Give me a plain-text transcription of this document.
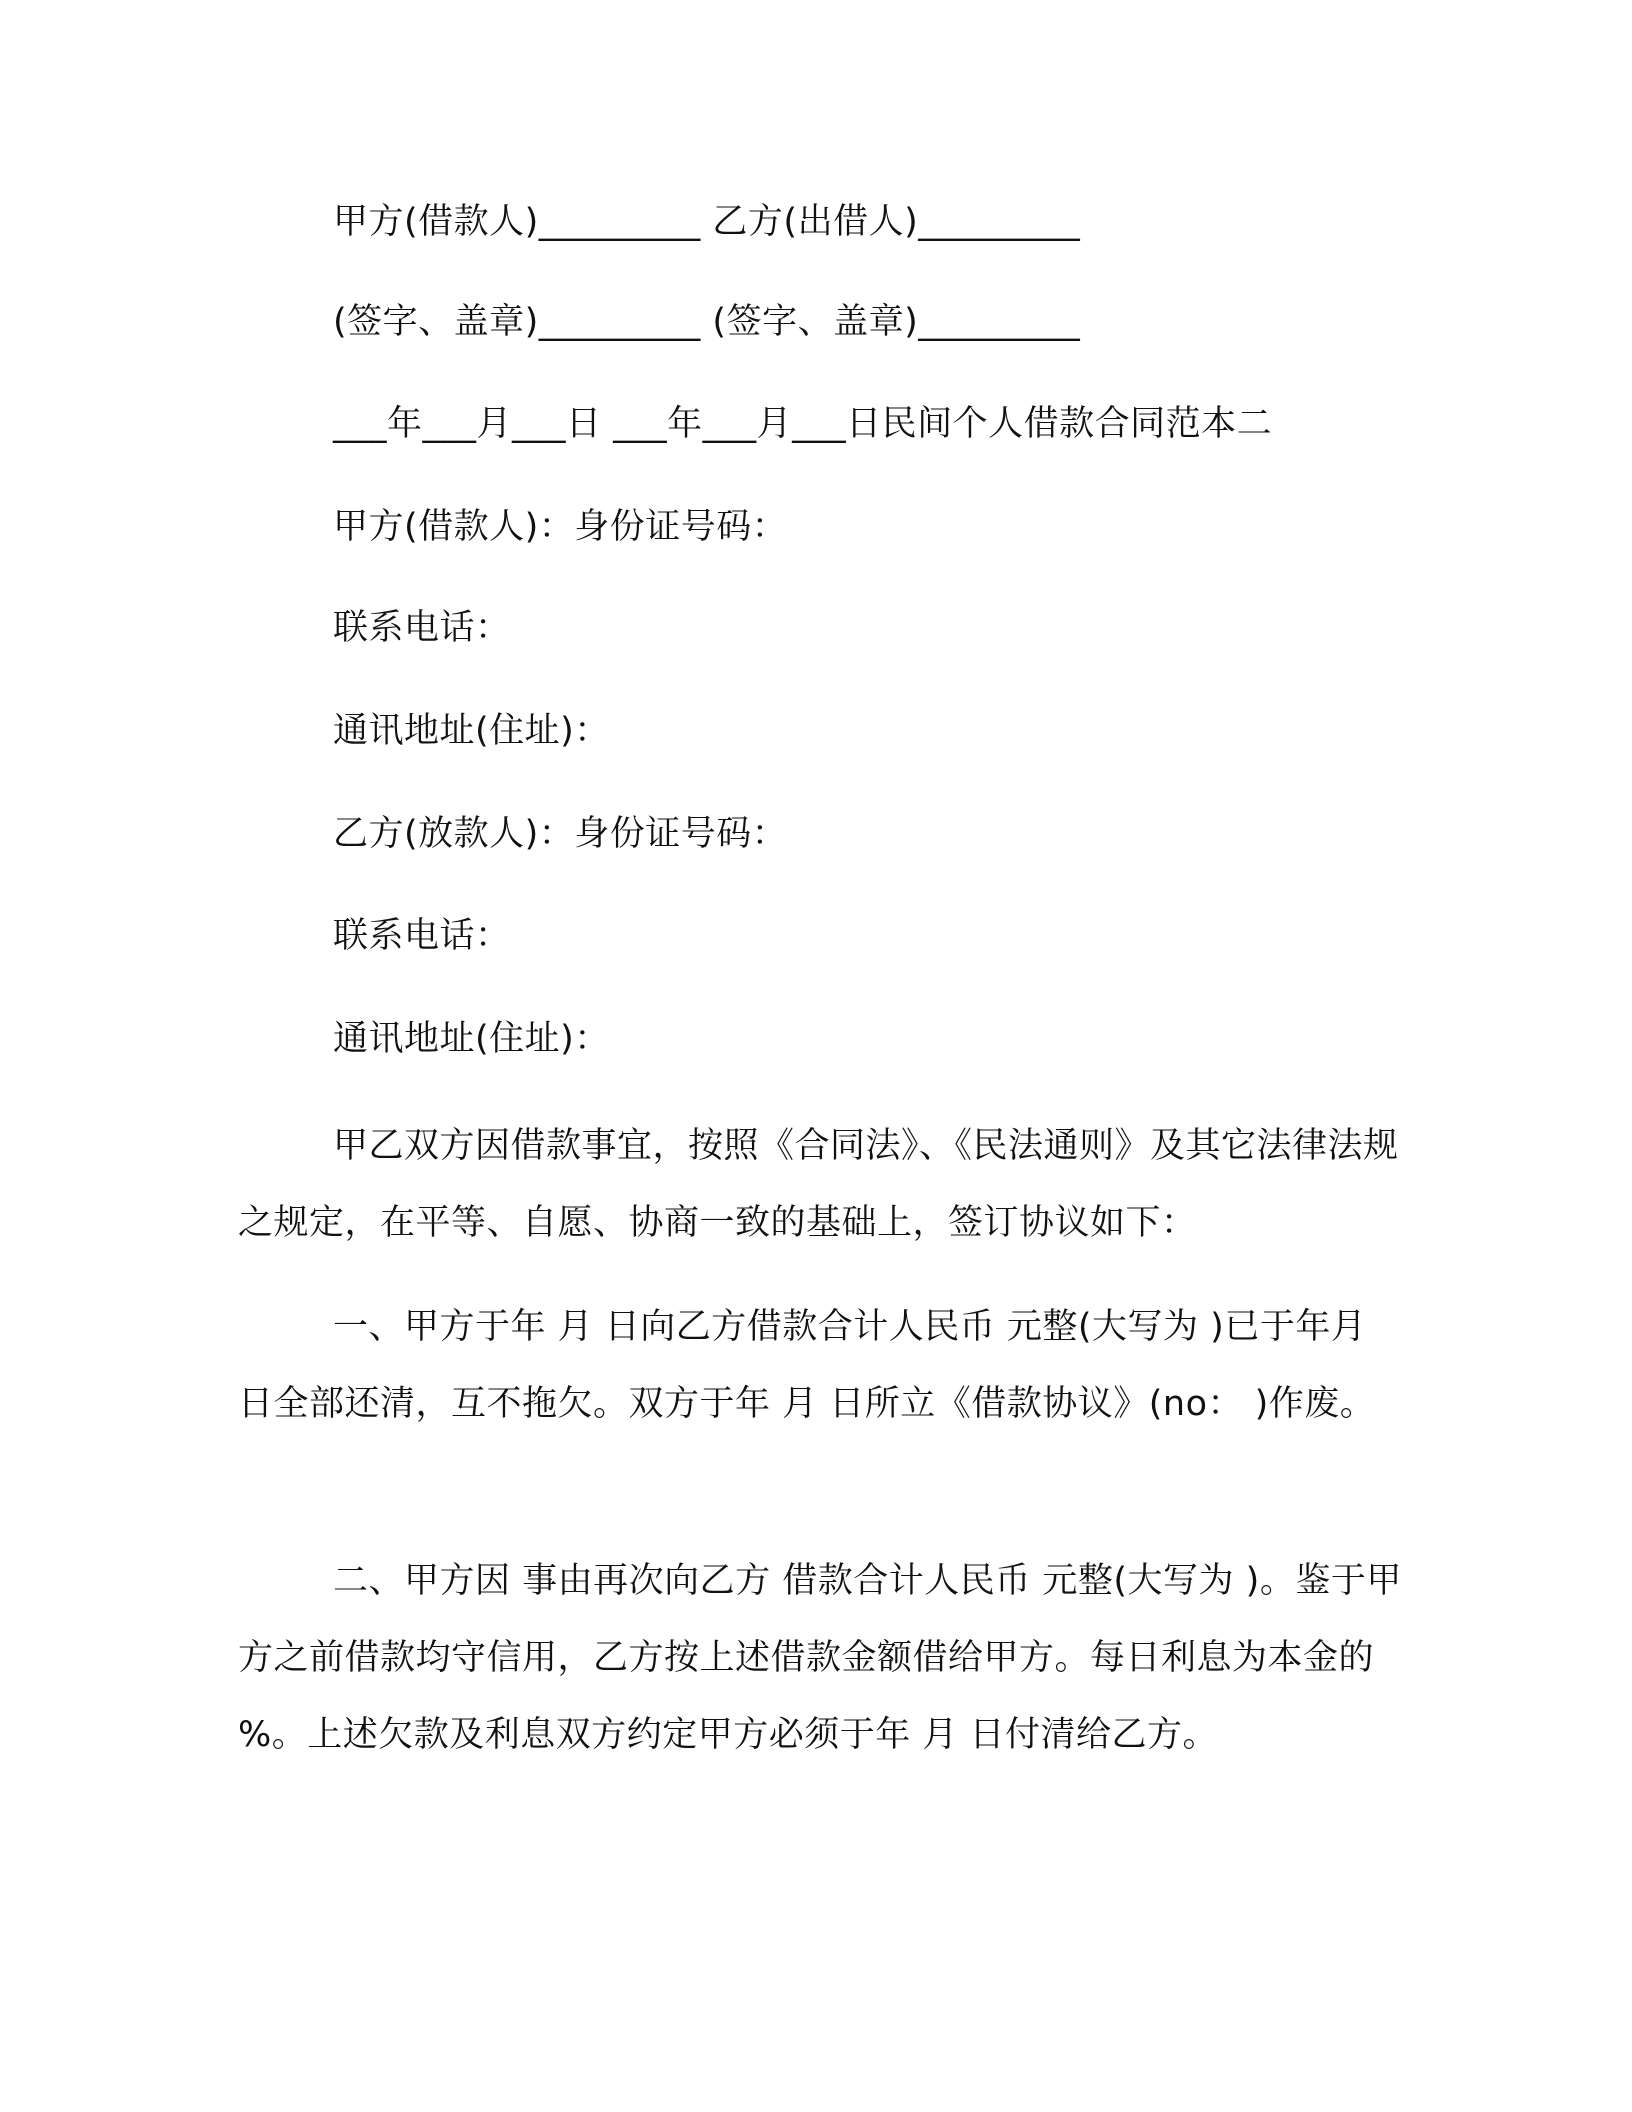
甲方(借款人)_________ 乙方(出借人)_________
(签字、盖章)_________ (签字、盖章)_________
___年___月___日 ___年___月___日民间个人借款合同范本二
甲方(借款人)：身份证号码：
联系电话：
通讯地址(住址)：
乙方(放款人)：身份证号码：
联系电话：
通讯地址(住址)：

甲乙双方因借款事宜，按照《合同法》、《民法通则》及其它法律法规之规定，在平等、自愿、协商一致的基础上，签订协议如下：

一、甲方于年 月 日向乙方借款合计人民币 元整(大写为 )已于年月 日全部还清，互不拖欠。双方于年 月 日所立《借款协议》(no： )作废。

二、甲方因 事由再次向乙方 借款合计人民币 元整(大写为 )。鉴于甲方之前借款均守信用，乙方按上述借款金额借给甲方。每日利息为本金的 %。上述欠款及利息双方约定甲方必须于年 月 日付清给乙方。
